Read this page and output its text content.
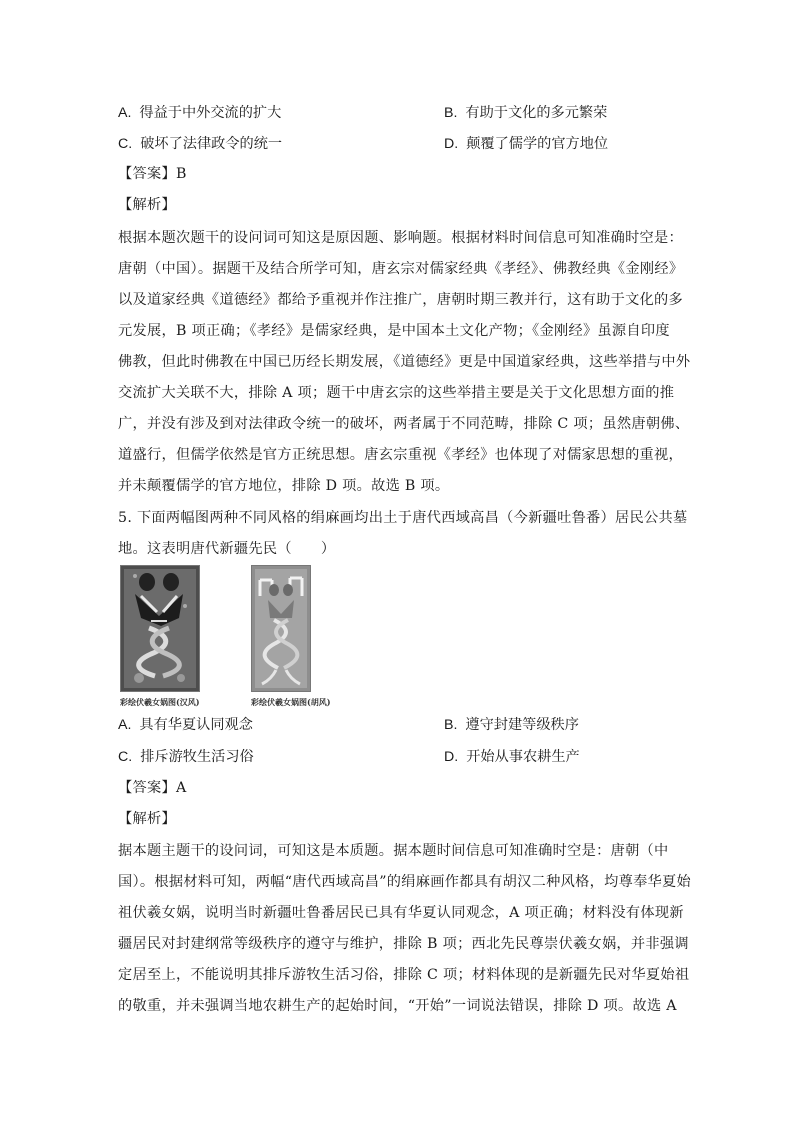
A. 得益于中外交流的扩大	B. 有助于文化的多元繁荣
C. 破坏了法律政令的统一	D. 颠覆了儒学的官方地位
【答案】B
【解析】
根据本题次题干的设问词可知这是原因题、影响题。根据材料时间信息可知准确时空是：
唐朝（中国）。据题干及结合所学可知，唐玄宗对儒家经典《孝经》、佛教经典《金刚经》
以及道家经典《道德经》都给予重视并作注推广，唐朝时期三教并行，这有助于文化的多
元发展，B 项正确；《孝经》是儒家经典，是中国本土文化产物；《金刚经》虽源自印度
佛教，但此时佛教在中国已历经长期发展，《道德经》更是中国道家经典，这些举措与中外
交流扩大关联不大，排除 A 项；题干中唐玄宗的这些举措主要是关于文化思想方面的推
广，并没有涉及到对法律政令统一的破坏，两者属于不同范畴，排除 C 项；虽然唐朝佛、
道盛行，但儒学依然是官方正统思想。唐玄宗重视《孝经》也体现了对儒家思想的重视，
并未颠覆儒学的官方地位，排除 D 项。故选 B 项。
5. 下面两幅图两种不同风格的绢麻画均出土于唐代西域高昌（今新疆吐鲁番）居民公共墓
地。这表明唐代新疆先民（　　）
彩绘伏羲女娲图(汉风)	彩绘伏羲女娲图(胡风)
A. 具有华夏认同观念	B. 遵守封建等级秩序
C. 排斥游牧生活习俗	D. 开始从事农耕生产
【答案】A
【解析】
据本题主题干的设问词，可知这是本质题。据本题时间信息可知准确时空是：唐朝（中
国）。根据材料可知，两幅“唐代西域高昌”的绢麻画作都具有胡汉二种风格，均尊奉华夏始
祖伏羲女娲，说明当时新疆吐鲁番居民已具有华夏认同观念，A 项正确；材料没有体现新
疆居民对封建纲常等级秩序的遵守与维护，排除 B 项；西北先民尊崇伏羲女娲，并非强调
定居至上，不能说明其排斥游牧生活习俗，排除 C 项；材料体现的是新疆先民对华夏始祖
的敬重，并未强调当地农耕生产的起始时间，“开始”一词说法错误，排除 D 项。故选 A
